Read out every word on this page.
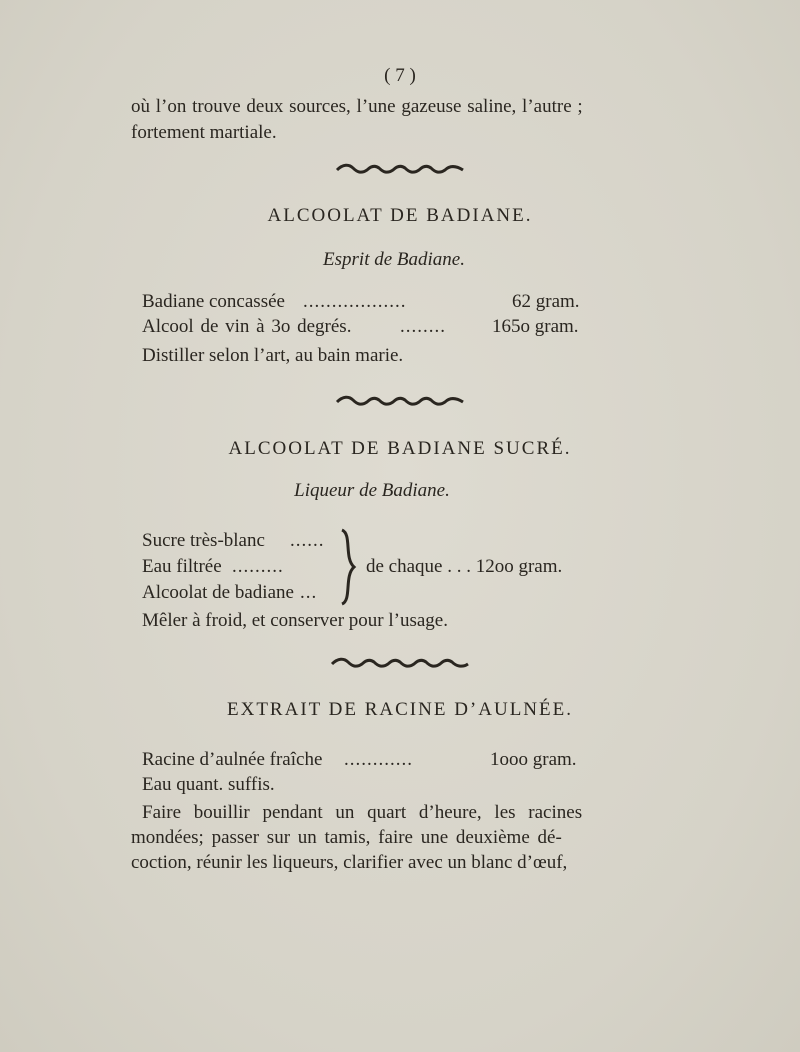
( 7 )
où l’on trouve deux sources, l’une gazeuse saline, l’autre ;
fortement martiale.
ALCOOLAT DE BADIANE.
Esprit de Badiane.
Badiane concassée ..................	62 gram.
Alcool de vin à 3o degrés.	........ 165o gram.
Distiller selon l’art, au bain marie.
ALCOOLAT DE BADIANE SUCRÉ.
Liqueur de Badiane.
Sucre très-blanc ......
Eau filtrée .........
Alcoolat de badiane ...
de chaque . . . 12oo gram.
Mêler à froid, et conserver pour l’usage.
EXTRAIT DE RACINE D’AULNÉE.
Racine d’aulnée fraîche ............	1ooo gram.
Eau quant. suffis.
Faire bouillir pendant un quart d’heure, les racines
mondées; passer sur un tamis, faire une deuxième dé-
coction, réunir les liqueurs, clarifier avec un blanc d’œuf,
